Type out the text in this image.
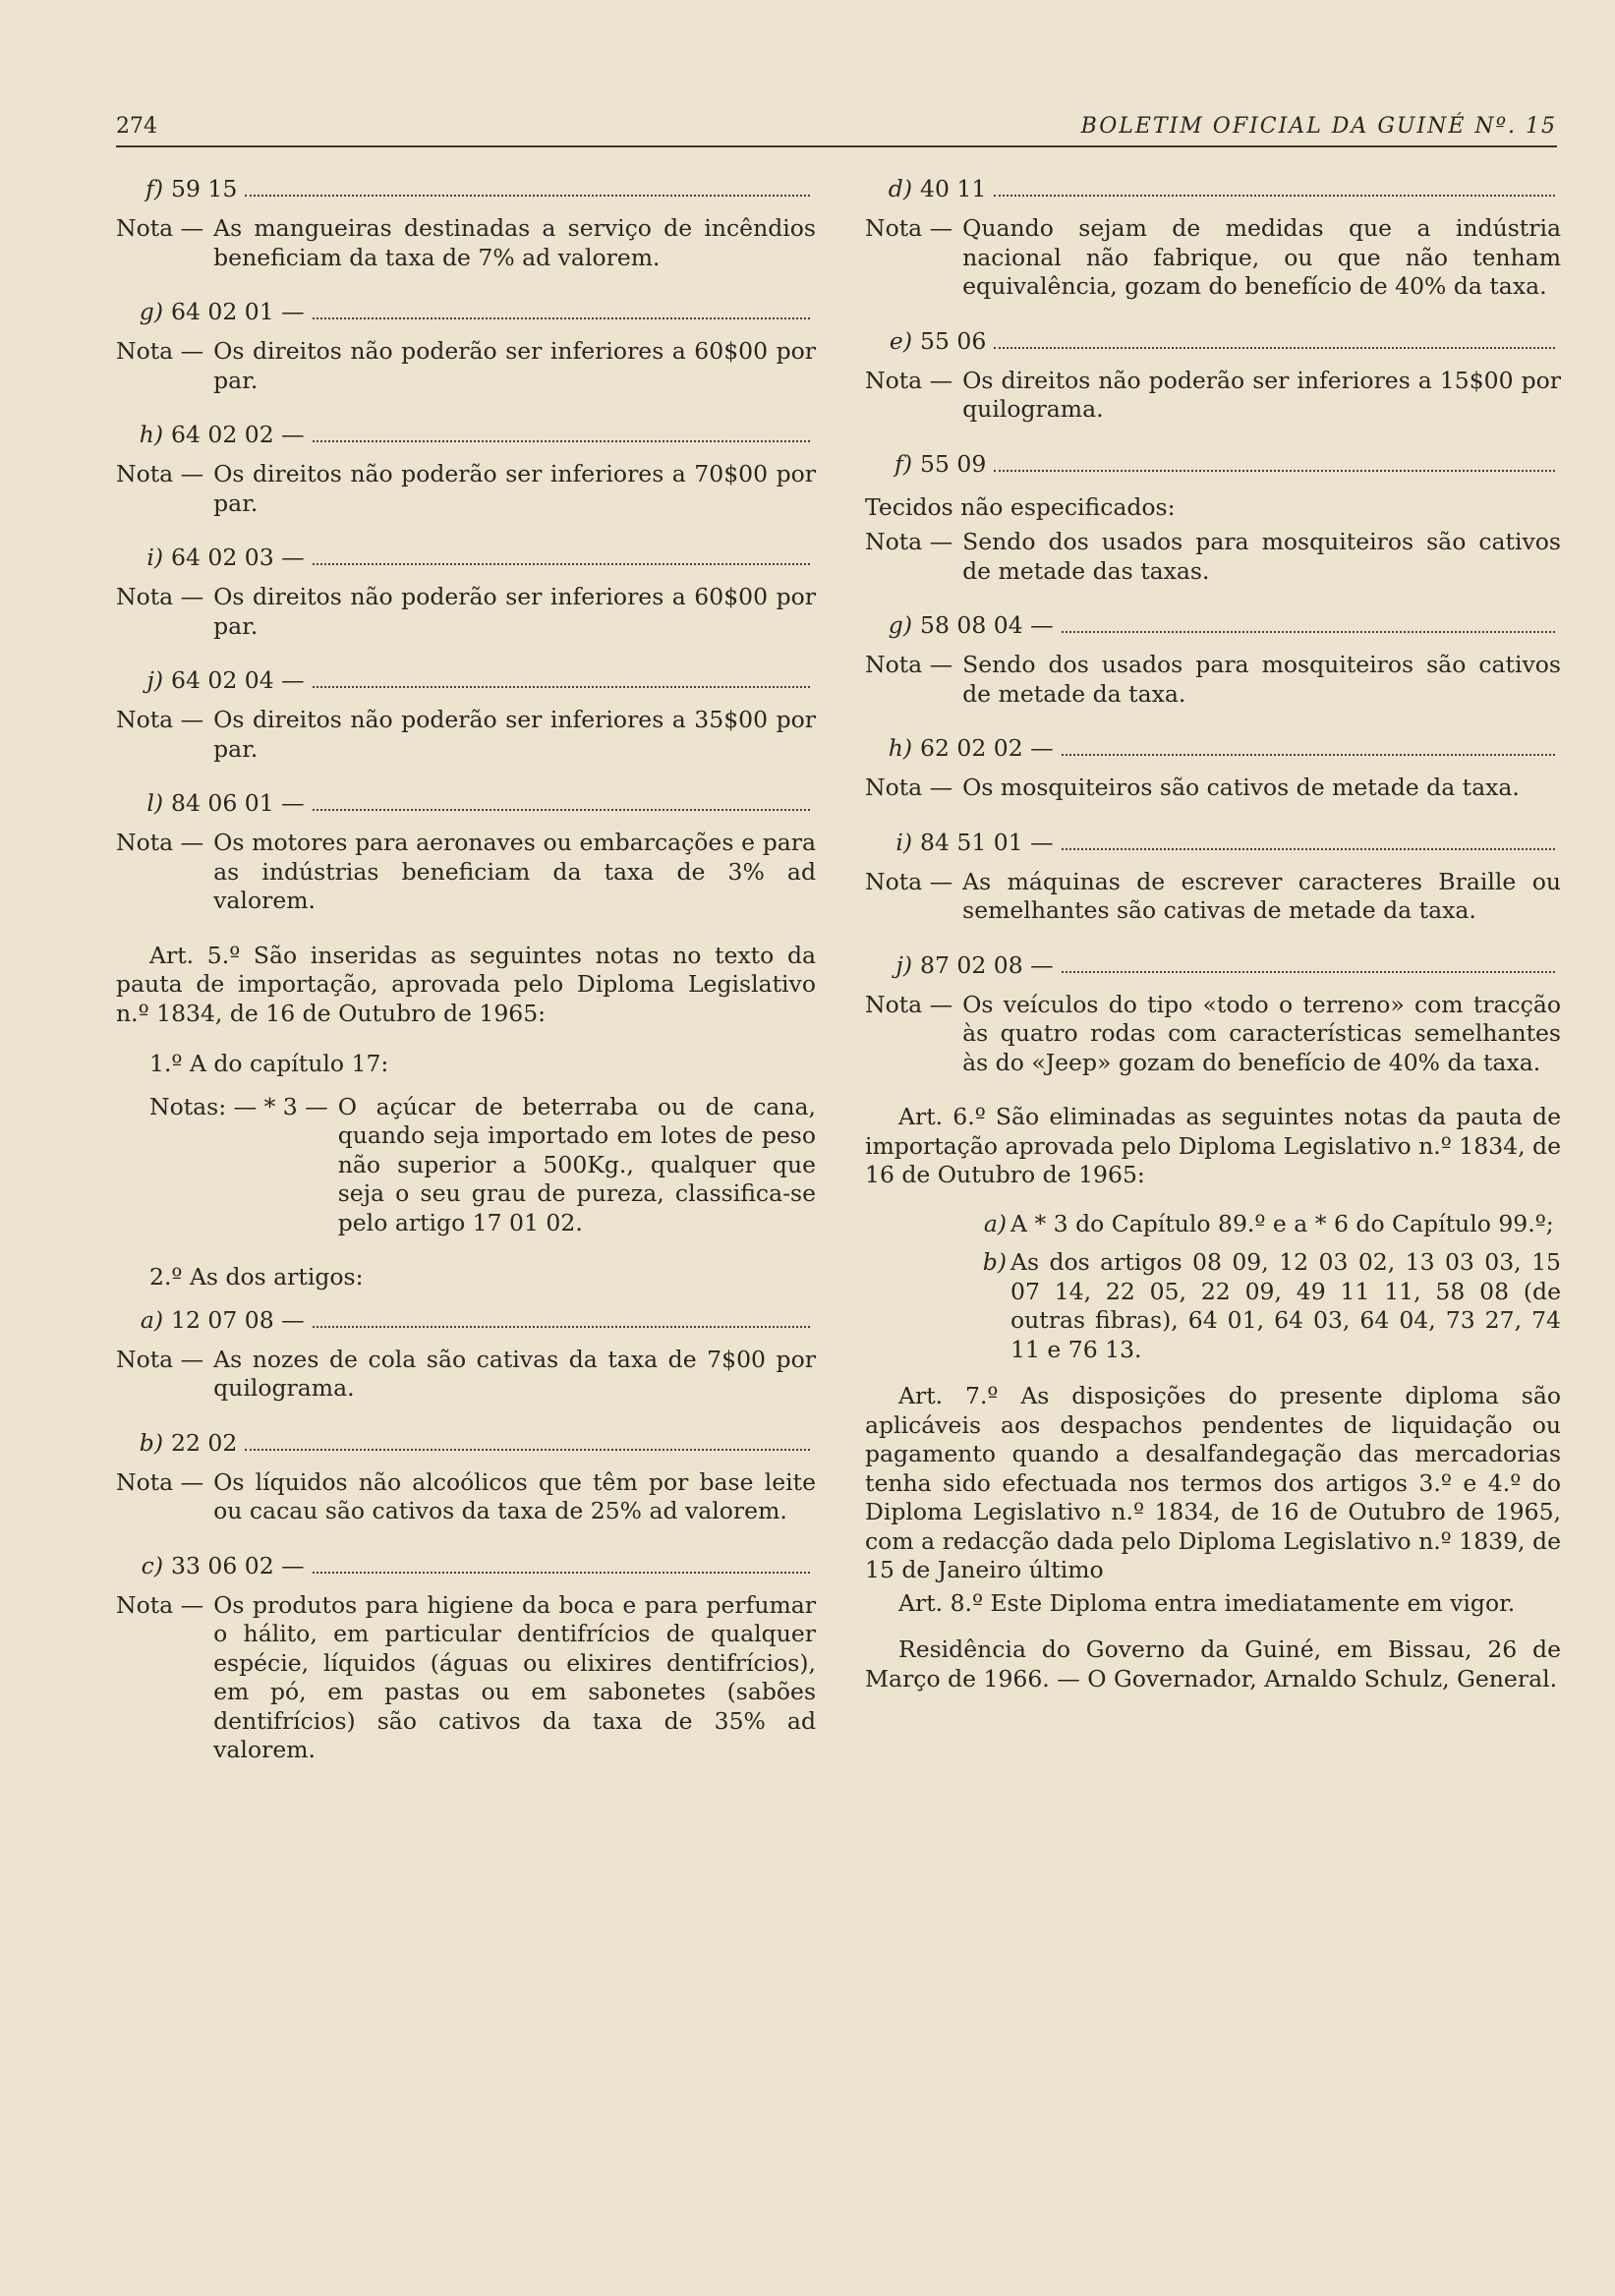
274	BOLETIM OFICIAL DA GUINÉ Nº. 15
f) 59 15
Nota — As mangueiras destinadas a serviço de incêndios beneficiam da taxa de 7% ad valorem.
g) 64 02 01 —
Nota — Os direitos não poderão ser inferiores a 60$00 por par.
h) 64 02 02 —
Nota — Os direitos não poderão ser inferiores a 70$00 por par.
i) 64 02 03 —
Nota — Os direitos não poderão ser inferiores a 60$00 por par.
j) 64 02 04 —
Nota — Os direitos não poderão ser inferiores a 35$00 por par.
l) 84 06 01 —
Nota — Os motores para aeronaves ou embarcações e para as indústrias beneficiam da taxa de 3% ad valorem.

Art. 5.º São inseridas as seguintes notas no texto da pauta de importação, aprovada pelo Diploma Legislativo n.º 1834, de 16 de Outubro de 1965:

1.º A do capítulo 17:
Notas: — * 3 — O açúcar de beterraba ou de cana, quando seja importado em lotes de peso não superior a 500Kg., qualquer que seja o seu grau de pureza, classifica-se pelo artigo 17 01 02.
2.º As dos artigos:
a) 12 07 08 —
Nota — As nozes de cola são cativas da taxa de 7$00 por quilograma.
b) 22 02
Nota — Os líquidos não alcoólicos que têm por base leite ou cacau são cativos da taxa de 25% ad valorem.
c) 33 06 02 —
Nota — Os produtos para higiene da boca e para perfumar o hálito, em particular dentifrícios de qualquer espécie, líquidos (águas ou elixires dentifrícios), em pó, em pastas ou em sabonetes (sabões dentifrícios) são cativos da taxa de 35% ad valorem.
d) 40 11
Nota — Quando sejam de medidas que a indústria nacional não fabrique, ou que não tenham equivalência, gozam do benefício de 40% da taxa.
e) 55 06
Nota — Os direitos não poderão ser inferiores a 15$00 por quilograma.
f) 55 09
Tecidos não especificados:
Nota — Sendo dos usados para mosquiteiros são cativos de metade das taxas.
g) 58 08 04 —
Nota — Sendo dos usados para mosquiteiros são cativos de metade da taxa.
h) 62 02 02 —
Nota — Os mosquiteiros são cativos de metade da taxa.
i) 84 51 01 —
Nota — As máquinas de escrever caracteres Braille ou semelhantes são cativas de metade da taxa.
j) 87 02 08 —
Nota — Os veículos do tipo «todo o terreno» com tracção às quatro rodas com características semelhantes às do «Jeep» gozam do benefício de 40% da taxa.

Art. 6.º São eliminadas as seguintes notas da pauta de importação aprovada pelo Diploma Legislativo n.º 1834, de 16 de Outubro de 1965:

a) A * 3 do Capítulo 89.º e a * 6 do Capítulo 99.º;
b) As dos artigos 08 09, 12 03 02, 13 03 03, 15 07 14, 22 05, 22 09, 49 11 11, 58 08 (de outras fibras), 64 01, 64 03, 64 04, 73 27, 74 11 e 76 13.

Art. 7.º As disposições do presente diploma são aplicáveis aos despachos pendentes de liquidação ou pagamento quando a desalfandegação das mercadorias tenha sido efectuada nos termos dos artigos 3.º e 4.º do Diploma Legislativo n.º 1834, de 16 de Outubro de 1965, com a redacção dada pelo Diploma Legislativo n.º 1839, de 15 de Janeiro último

Art. 8.º Este Diploma entra imediatamente em vigor.

Residência do Governo da Guiné, em Bissau, 26 de Março de 1966. — O Governador, Arnaldo Schulz, General.
